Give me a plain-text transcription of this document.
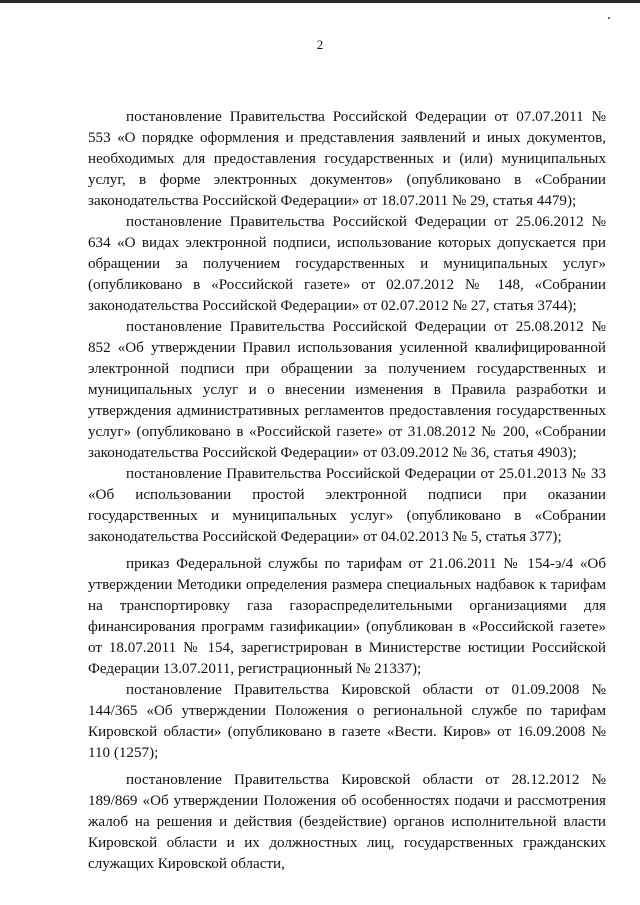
2

постановление Правительства Российской Федерации от 07.07.2011 № 553 «О порядке оформления и представления заявлений и иных документов, необходимых для предоставления государственных и (или) муниципальных услуг, в форме электронных документов» (опубликовано в «Собрании законодательства Российской Федерации» от 18.07.2011 № 29, статья 4479);

постановление Правительства Российской Федерации от 25.06.2012 № 634 «О видах электронной подписи, использование которых допускается при обращении за получением государственных и муниципальных услуг» (опубликовано в «Российской газете» от 02.07.2012 № 148, «Собрании законодательства Российской Федерации» от 02.07.2012 № 27, статья 3744);

постановление Правительства Российской Федерации от 25.08.2012 № 852 «Об утверждении Правил использования усиленной квалифицированной электронной подписи при обращении за получением государственных и муниципальных услуг и о внесении изменения в Правила разработки и утверждения административных регламентов предоставления государственных услуг» (опубликовано в «Российской газете» от 31.08.2012 № 200, «Собрании законодательства Российской Федерации» от 03.09.2012 № 36, статья 4903);

постановление Правительства Российской Федерации от 25.01.2013 № 33 «Об использовании простой электронной подписи при оказании государственных и муниципальных услуг» (опубликовано в «Собрании законодательства Российской Федерации» от 04.02.2013 № 5, статья 377);

приказ Федеральной службы по тарифам от 21.06.2011 № 154-э/4 «Об утверждении Методики определения размера специальных надбавок к тарифам на транспортировку газа газораспределительными организациями для финансирования программ газификации» (опубликован в «Российской газете» от 18.07.2011 № 154, зарегистрирован в Министерстве юстиции Российской Федерации 13.07.2011, регистрационный № 21337);

постановление Правительства Кировской области от 01.09.2008 № 144/365 «Об утверждении Положения о региональной службе по тарифам Кировской области» (опубликовано в газете «Вести. Киров» от 16.09.2008 № 110 (1257);

постановление Правительства Кировской области от 28.12.2012 № 189/869 «Об утверждении Положения об особенностях подачи и рассмотрения жалоб на решения и действия (бездействие) органов исполнительной власти Кировской области и их должностных лиц, государственных гражданских служащих Кировской области,
